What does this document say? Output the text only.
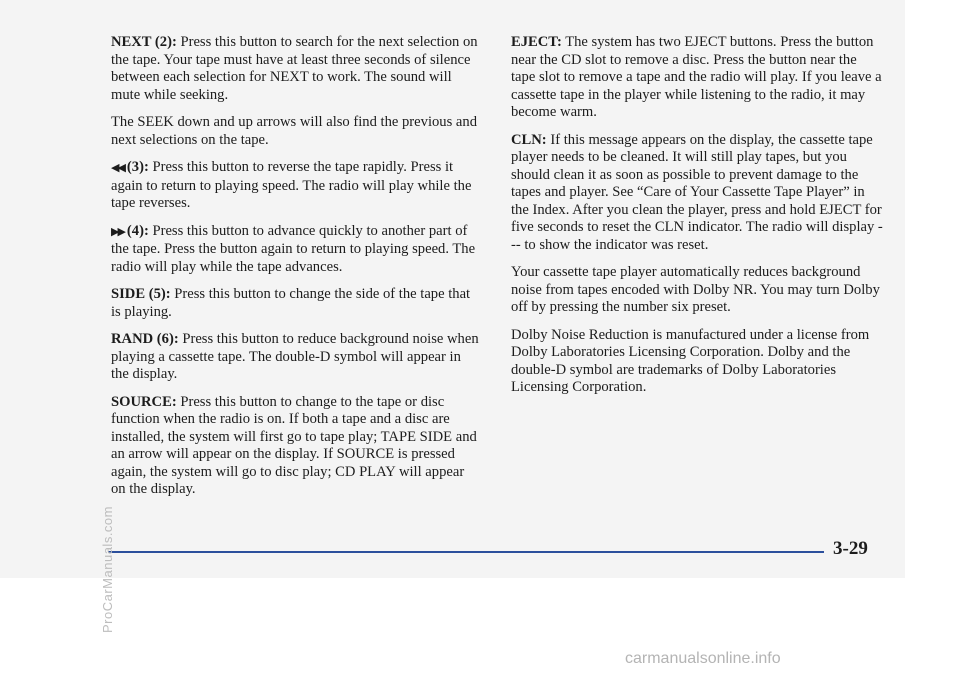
NEXT (2): Press this button to search for the next selection on the tape. Your tape must have at least three seconds of silence between each selection for NEXT to work. The sound will mute while seeking.

The SEEK down and up arrows will also find the previous and next selections on the tape.

◀◀ (3): Press this button to reverse the tape rapidly. Press it again to return to playing speed. The radio will play while the tape reverses.

▶▶ (4): Press this button to advance quickly to another part of the tape. Press the button again to return to playing speed. The radio will play while the tape advances.

SIDE (5): Press this button to change the side of the tape that is playing.

RAND (6): Press this button to reduce background noise when playing a cassette tape. The double-D symbol will appear in the display.

SOURCE: Press this button to change to the tape or disc function when the radio is on. If both a tape and a disc are installed, the system will first go to tape play; TAPE SIDE and an arrow will appear on the display. If SOURCE is pressed again, the system will go to disc play; CD PLAY will appear on the display.

EJECT: The system has two EJECT buttons. Press the button near the CD slot to remove a disc. Press the button near the tape slot to remove a tape and the radio will play. If you leave a cassette tape in the player while listening to the radio, it may become warm.

CLN: If this message appears on the display, the cassette tape player needs to be cleaned. It will still play tapes, but you should clean it as soon as possible to prevent damage to the tapes and player. See “Care of Your Cassette Tape Player” in the Index. After you clean the player, press and hold EJECT for five seconds to reset the CLN indicator. The radio will display --- to show the indicator was reset.

Your cassette tape player automatically reduces background noise from tapes encoded with Dolby NR. You may turn Dolby off by pressing the number six preset.

Dolby Noise Reduction is manufactured under a license from Dolby Laboratories Licensing Corporation. Dolby and the double-D symbol are trademarks of Dolby Laboratories Licensing Corporation.

3-29
ProCarManuals.com
carmanualsonline.info
